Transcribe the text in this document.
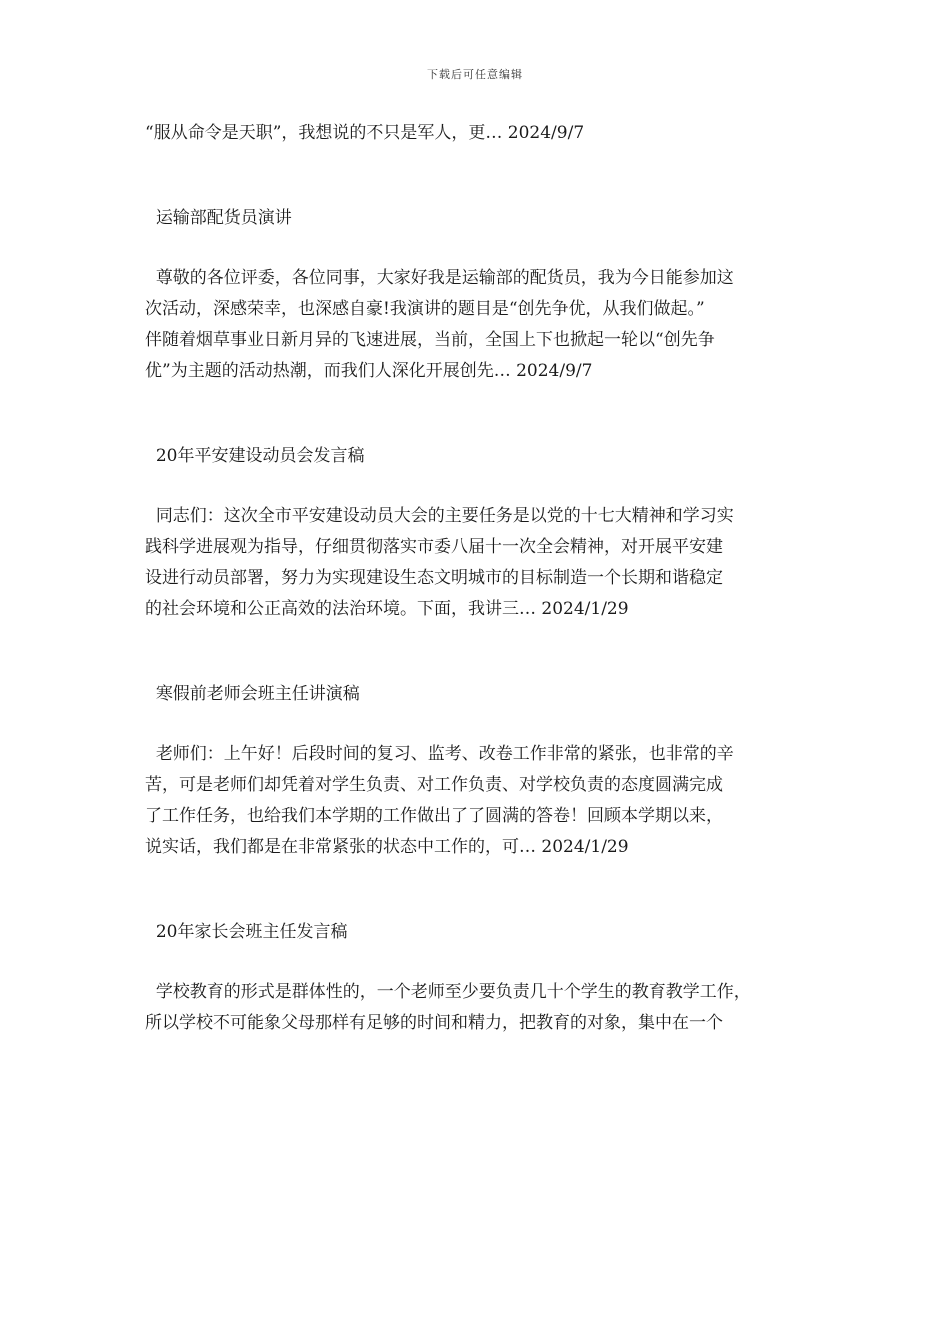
下载后可任意编辑

“服从命令是天职”，我想说的不只是军人，更… 2024/9/7

运输部配货员演讲

尊敬的各位评委，各位同事，大家好我是运输部的配货员，我为今日能参加这

次活动，深感荣幸，也深感自豪!我演讲的题目是“创先争优，从我们做起。”

伴随着烟草事业日新月异的飞速进展，当前，全国上下也掀起一轮以“创先争

优”为主题的活动热潮，而我们人深化开展创先… 2024/9/7

20年平安建设动员会发言稿

同志们：这次全市平安建设动员大会的主要任务是以党的十七大精神和学习实

践科学进展观为指导，仔细贯彻落实市委八届十一次全会精神，对开展平安建

设进行动员部署，努力为实现建设生态文明城市的目标制造一个长期和谐稳定

的社会环境和公正高效的法治环境。下面，我讲三… 2024/1/29

寒假前老师会班主任讲演稿

老师们：上午好！后段时间的复习、监考、改卷工作非常的紧张，也非常的辛

苦，可是老师们却凭着对学生负责、对工作负责、对学校负责的态度圆满完成

了工作任务，也给我们本学期的工作做出了了圆满的答卷！回顾本学期以来，

说实话，我们都是在非常紧张的状态中工作的，可… 2024/1/29

20年家长会班主任发言稿

学校教育的形式是群体性的，一个老师至少要负责几十个学生的教育教学工作，

所以学校不可能象父母那样有足够的时间和精力，把教育的对象，集中在一个
